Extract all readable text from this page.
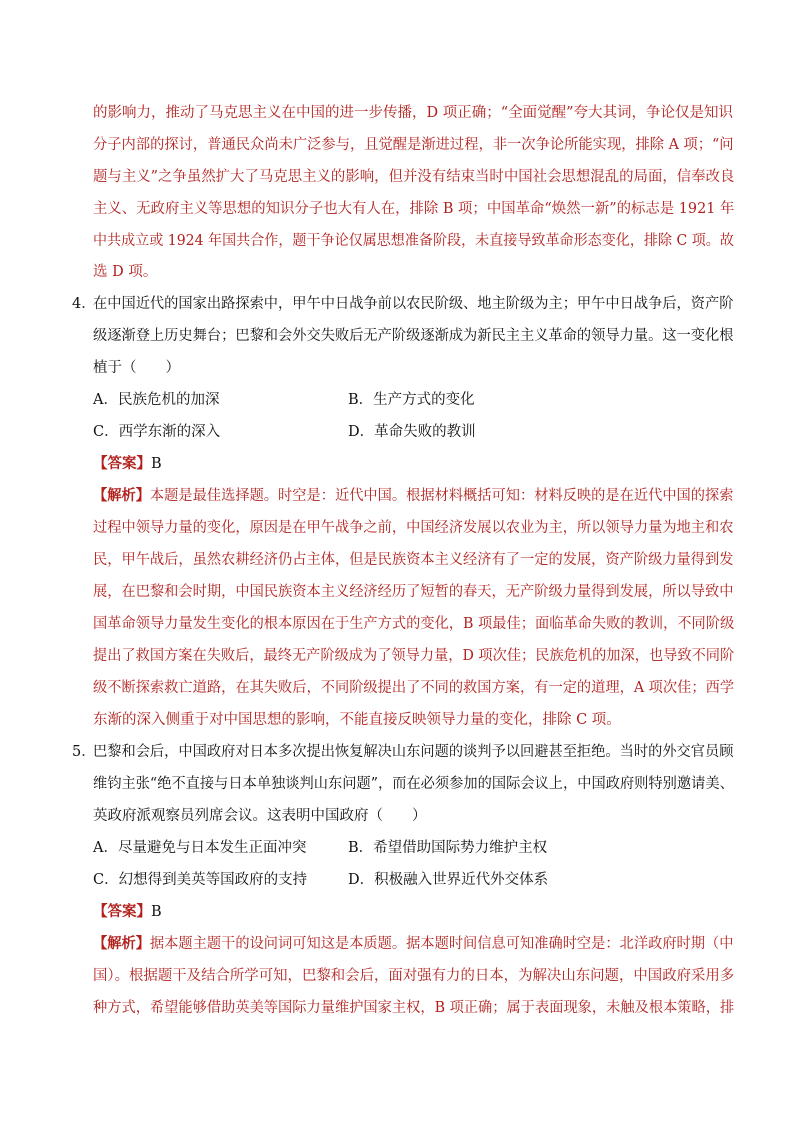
的影响力，推动了马克思主义在中国的进一步传播，D 项正确；“全面觉醒”夸大其词，争论仅是知识
分子内部的探讨，普通民众尚未广泛参与，且觉醒是渐进过程，非一次争论所能实现，排除 A 项；“问
题与主义”之争虽然扩大了马克思主义的影响，但并没有结束当时中国社会思想混乱的局面，信奉改良
主义、无政府主义等思想的知识分子也大有人在，排除 B 项；中国革命“焕然一新”的标志是 1921 年
中共成立或 1924 年国共合作，题干争论仅属思想准备阶段，未直接导致革命形态变化，排除 C 项。故
选 D 项。
4．
在中国近代的国家出路探索中，甲午中日战争前以农民阶级、地主阶级为主；甲午中日战争后，资产阶
级逐渐登上历史舞台；巴黎和会外交失败后无产阶级逐渐成为新民主主义革命的领导力量。这一变化根
植于（　　）
A．民族危机的加深	B．生产方式的变化
C．西学东渐的深入	D．革命失败的教训
【答案】B
【解析】本题是最佳选择题。时空是：近代中国。根据材料概括可知：材料反映的是在近代中国的探索
过程中领导力量的变化，原因是在甲午战争之前，中国经济发展以农业为主，所以领导力量为地主和农
民，甲午战后，虽然农耕经济仍占主体，但是民族资本主义经济有了一定的发展，资产阶级力量得到发
展，在巴黎和会时期，中国民族资本主义经济经历了短暂的春天，无产阶级力量得到发展，所以导致中
国革命领导力量发生变化的根本原因在于生产方式的变化，B 项最佳；面临革命失败的教训，不同阶级
提出了救国方案在失败后，最终无产阶级成为了领导力量，D 项次佳；民族危机的加深，也导致不同阶
级不断探索救亡道路，在其失败后，不同阶级提出了不同的救国方案，有一定的道理，A 项次佳；西学
东渐的深入侧重于对中国思想的影响，不能直接反映领导力量的变化，排除 C 项。
5．
巴黎和会后，中国政府对日本多次提出恢复解决山东问题的谈判予以回避甚至拒绝。当时的外交官员顾
维钧主张“绝不直接与日本单独谈判山东问题”，而在必须参加的国际会议上，中国政府则特别邀请美、
英政府派观察员列席会议。这表明中国政府（　　）
A．尽量避免与日本发生正面冲突	B．希望借助国际势力维护主权
C．幻想得到美英等国政府的支持	D．积极融入世界近代外交体系
【答案】B
【解析】据本题主题干的设问词可知这是本质题。据本题时间信息可知准确时空是：北洋政府时期（中
国）。根据题干及结合所学可知，巴黎和会后，面对强有力的日本，为解决山东问题，中国政府采用多
种方式，希望能够借助英美等国际力量维护国家主权，B 项正确；属于表面现象，未触及根本策略，排
